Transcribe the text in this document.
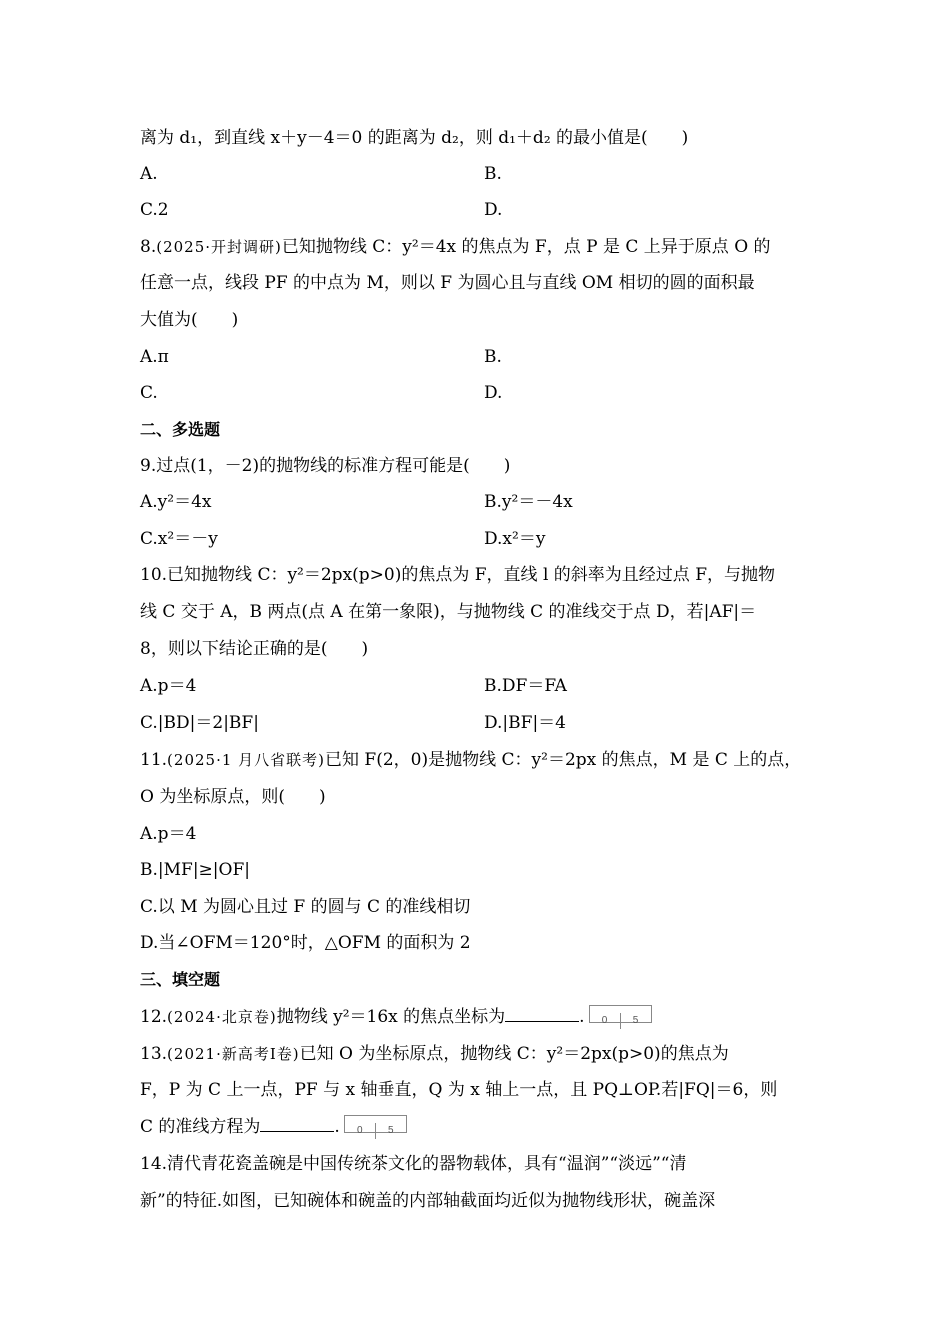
离为 d₁，到直线 x＋y－4＝0 的距离为 d₂，则 d₁＋d₂ 的最小值是(　　)
A.	B.
C.2	D.
8.(2025·开封调研)已知抛物线 C：y²＝4x 的焦点为 F，点 P 是 C 上异于原点 O 的
任意一点，线段 PF 的中点为 M，则以 F 为圆心且与直线 OM 相切的圆的面积最
大值为(　　)
A.π	B.
C.	D.
二、多选题
9.过点(1，－2)的抛物线的标准方程可能是(　　)
A.y²＝4x	B.y²＝－4x
C.x²＝－y	D.x²＝y
10.已知抛物线 C：y²＝2px(p>0)的焦点为 F，直线 l 的斜率为且经过点 F，与抛物
线 C 交于 A，B 两点(点 A 在第一象限)，与抛物线 C 的准线交于点 D，若|AF|＝
8，则以下结论正确的是(　　)
A.p＝4	B.DF＝FA
C.|BD|＝2|BF|	D.|BF|＝4
11.(2025·1 月八省联考)已知 F(2，0)是抛物线 C：y²＝2px 的焦点，M 是 C 上的点，
O 为坐标原点，则(　　)
A.p＝4
B.|MF|≥|OF|
C.以 M 为圆心且过 F 的圆与 C 的准线相切
D.当∠OFM＝120°时，△OFM 的面积为 2
三、填空题
12.(2024·北京卷)抛物线 y²＝16x 的焦点坐标为	. 0	5
13.(2021·新高考Ⅰ卷)已知 O 为坐标原点，抛物线 C：y²＝2px(p>0)的焦点为
F，P 为 C 上一点，PF 与 x 轴垂直，Q 为 x 轴上一点，且 PQ⊥OP.若|FQ|＝6，则
C 的准线方程为	. 0	5
14.清代青花瓷盖碗是中国传统茶文化的器物载体，具有“温润”“淡远”“清
新”的特征.如图，已知碗体和碗盖的内部轴截面均近似为抛物线形状，碗盖深
